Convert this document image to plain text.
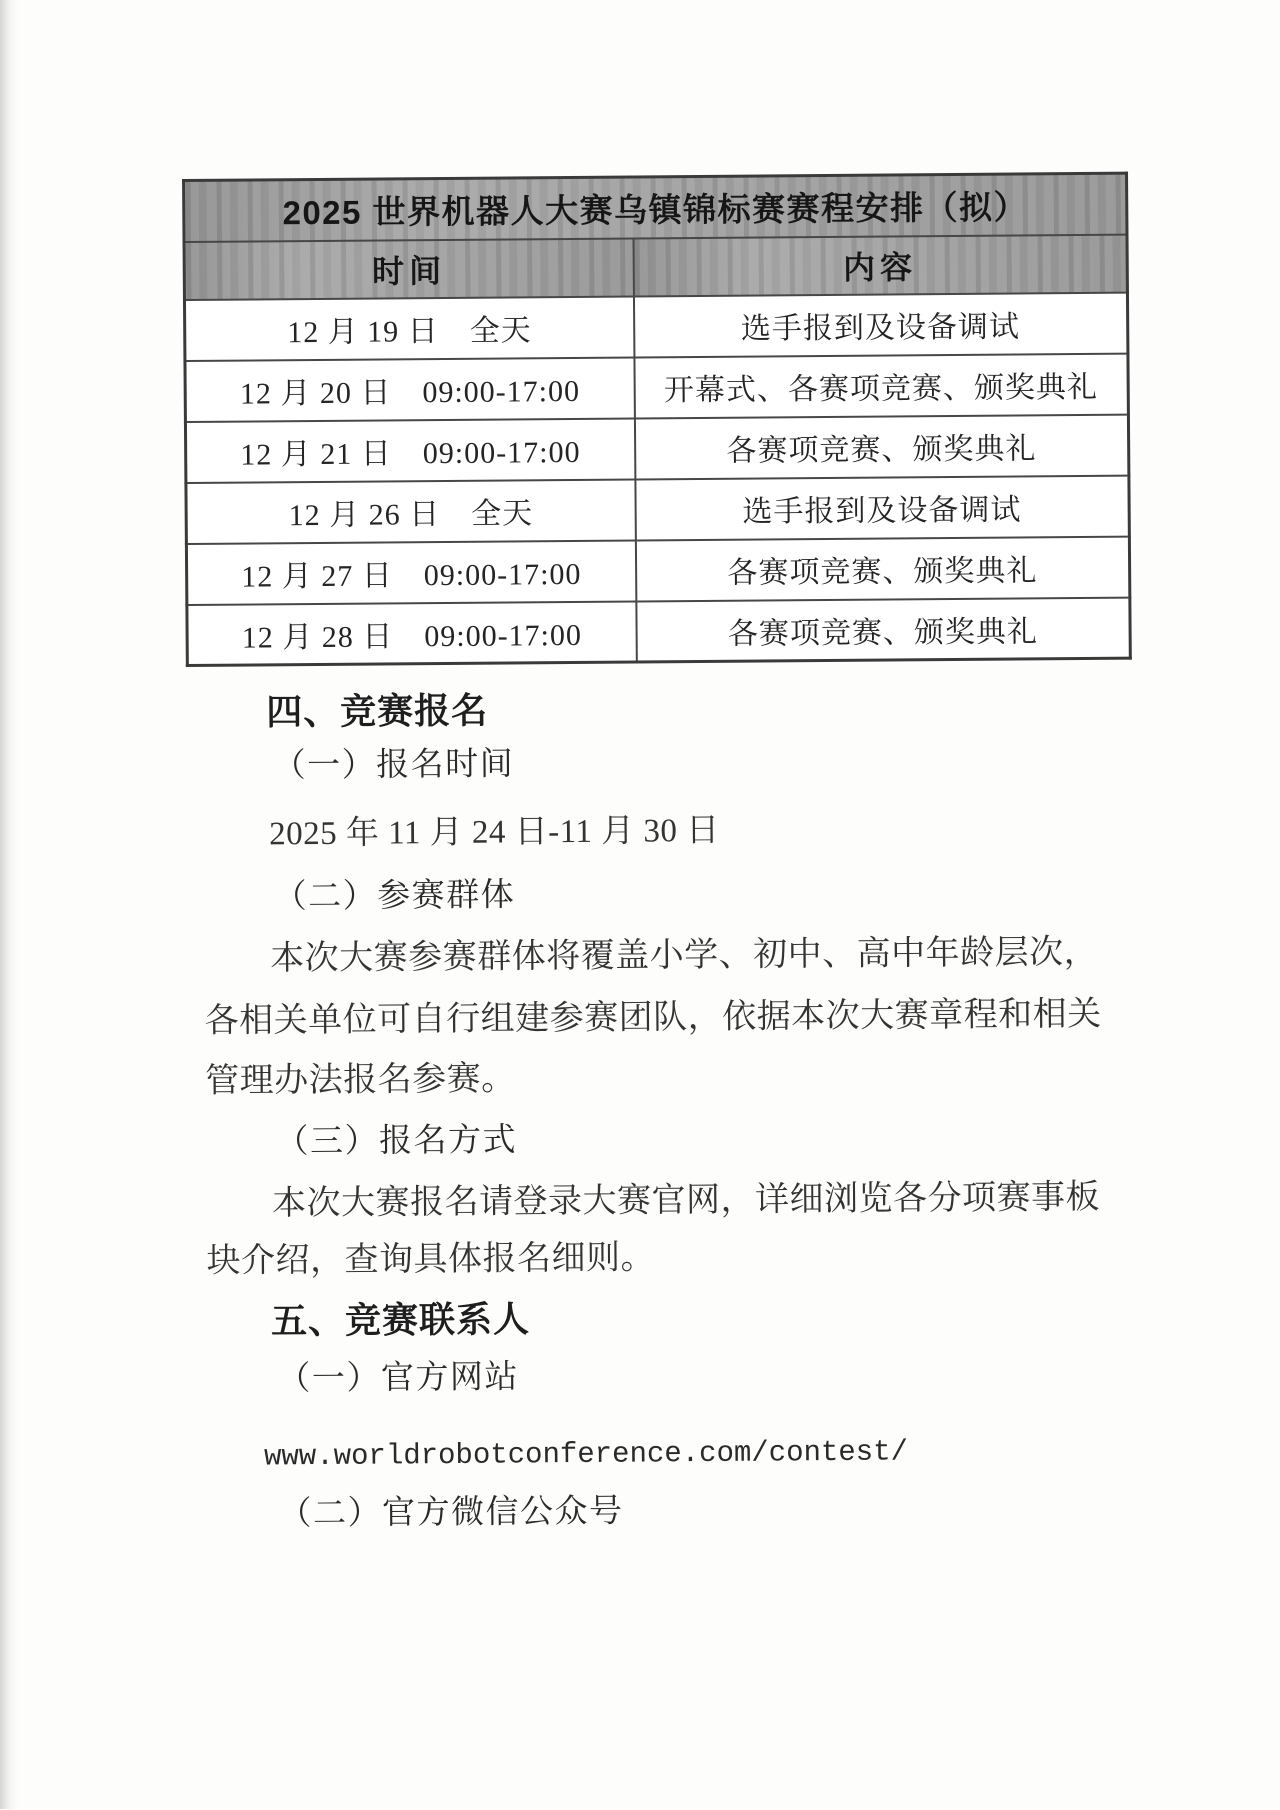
2025 世界机器人大赛乌镇锦标赛赛程安排（拟）	
时间	内容
12 月 19 日　全天	选手报到及设备调试
12 月 20 日　09:00-17:00	开幕式、各赛项竞赛、颁奖典礼
12 月 21 日　09:00-17:00	各赛项竞赛、颁奖典礼
12 月 26 日　全天	选手报到及设备调试
12 月 27 日　09:00-17:00	各赛项竞赛、颁奖典礼
12 月 28 日　09:00-17:00	各赛项竞赛、颁奖典礼
四、竞赛报名
（一）报名时间
2025 年 11 月 24 日-11 月 30 日
（二）参赛群体
本次大赛参赛群体将覆盖小学、初中、高中年龄层次，
各相关单位可自行组建参赛团队，依据本次大赛章程和相关
管理办法报名参赛。
（三）报名方式
本次大赛报名请登录大赛官网，详细浏览各分项赛事板
块介绍，查询具体报名细则。
五、竞赛联系人
（一）官方网站
www.worldrobotconference.com/contest/
（二）官方微信公众号
